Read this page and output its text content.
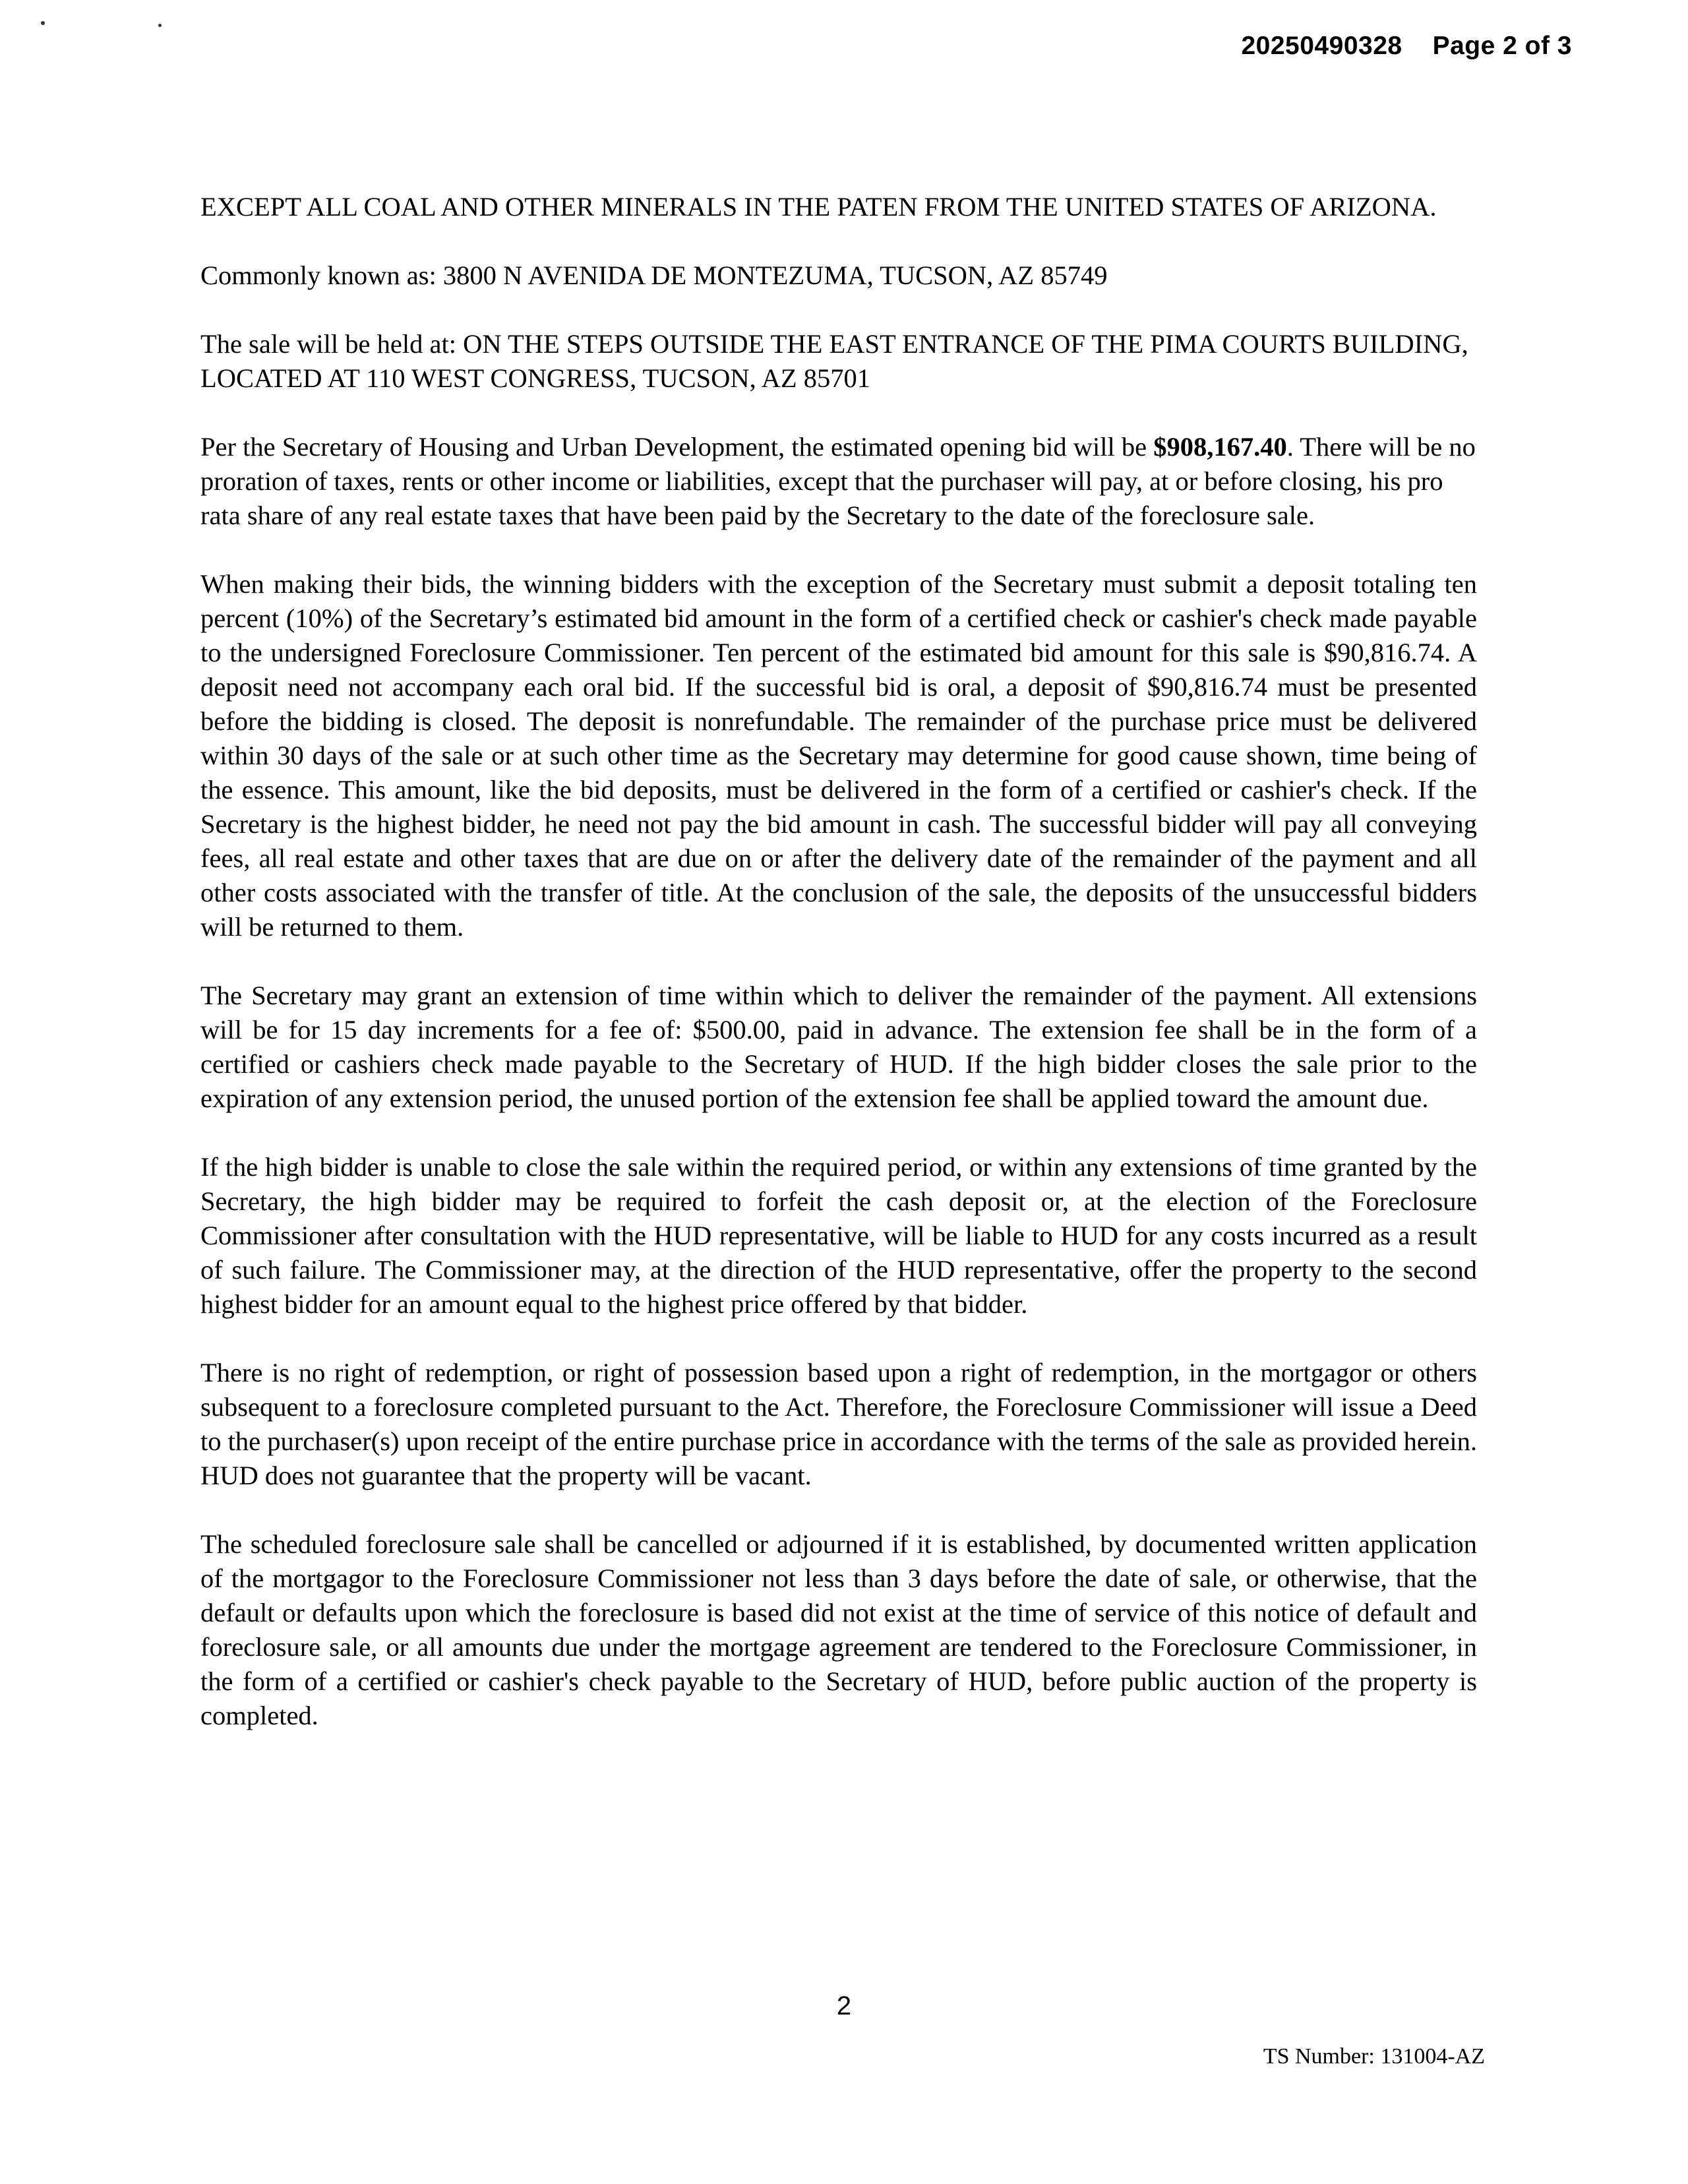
20250490328 Page 2 of 3

EXCEPT ALL COAL AND OTHER MINERALS IN THE PATEN FROM THE UNITED STATES OF ARIZONA.

Commonly known as: 3800 N AVENIDA DE MONTEZUMA, TUCSON, AZ 85749

The sale will be held at: ON THE STEPS OUTSIDE THE EAST ENTRANCE OF THE PIMA COURTS BUILDING, LOCATED AT 110 WEST CONGRESS, TUCSON, AZ 85701

Per the Secretary of Housing and Urban Development, the estimated opening bid will be $908,167.40. There will be no proration of taxes, rents or other income or liabilities, except that the purchaser will pay, at or before closing, his pro rata share of any real estate taxes that have been paid by the Secretary to the date of the foreclosure sale.

When making their bids, the winning bidders with the exception of the Secretary must submit a deposit totaling ten percent (10%) of the Secretary’s estimated bid amount in the form of a certified check or cashier's check made payable to the undersigned Foreclosure Commissioner. Ten percent of the estimated bid amount for this sale is $90,816.74. A deposit need not accompany each oral bid. If the successful bid is oral, a deposit of $90,816.74 must be presented before the bidding is closed. The deposit is nonrefundable. The remainder of the purchase price must be delivered within 30 days of the sale or at such other time as the Secretary may determine for good cause shown, time being of the essence. This amount, like the bid deposits, must be delivered in the form of a certified or cashier's check. If the Secretary is the highest bidder, he need not pay the bid amount in cash. The successful bidder will pay all conveying fees, all real estate and other taxes that are due on or after the delivery date of the remainder of the payment and all other costs associated with the transfer of title. At the conclusion of the sale, the deposits of the unsuccessful bidders will be returned to them.

The Secretary may grant an extension of time within which to deliver the remainder of the payment. All extensions will be for 15 day increments for a fee of: $500.00, paid in advance. The extension fee shall be in the form of a certified or cashiers check made payable to the Secretary of HUD. If the high bidder closes the sale prior to the expiration of any extension period, the unused portion of the extension fee shall be applied toward the amount due.

If the high bidder is unable to close the sale within the required period, or within any extensions of time granted by the Secretary, the high bidder may be required to forfeit the cash deposit or, at the election of the Foreclosure Commissioner after consultation with the HUD representative, will be liable to HUD for any costs incurred as a result of such failure. The Commissioner may, at the direction of the HUD representative, offer the property to the second highest bidder for an amount equal to the highest price offered by that bidder.

There is no right of redemption, or right of possession based upon a right of redemption, in the mortgagor or others subsequent to a foreclosure completed pursuant to the Act. Therefore, the Foreclosure Commissioner will issue a Deed to the purchaser(s) upon receipt of the entire purchase price in accordance with the terms of the sale as provided herein. HUD does not guarantee that the property will be vacant.

The scheduled foreclosure sale shall be cancelled or adjourned if it is established, by documented written application of the mortgagor to the Foreclosure Commissioner not less than 3 days before the date of sale, or otherwise, that the default or defaults upon which the foreclosure is based did not exist at the time of service of this notice of default and foreclosure sale, or all amounts due under the mortgage agreement are tendered to the Foreclosure Commissioner, in the form of a certified or cashier's check payable to the Secretary of HUD, before public auction of the property is completed.

2
TS Number: 131004-AZ
